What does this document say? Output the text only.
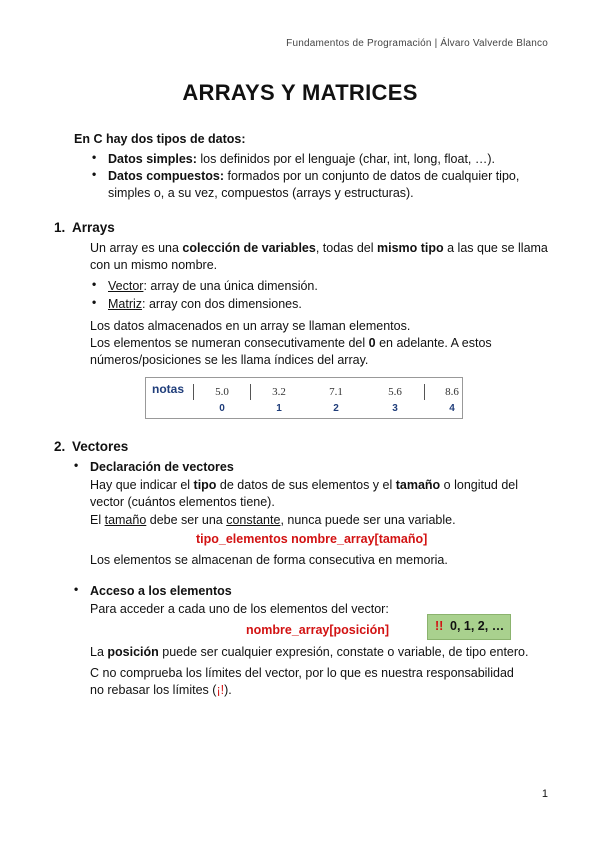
Fundamentos de Programación | Álvaro Valverde Blanco
ARRAYS Y MATRICES
En C hay dos tipos de datos:
• Datos simples: los definidos por el lenguaje (char, int, long, float, …).
• Datos compuestos: formados por un conjunto de datos de cualquier tipo,
simples o, a su vez, compuestos (arrays y estructuras).
1. Arrays
Un array es una colección de variables, todas del mismo tipo a las que se llama
con un mismo nombre.
• Vector: array de una única dimensión.
• Matriz: array con dos dimensiones.
Los datos almacenados en un array se llaman elementos.
Los elementos se numeran consecutivamente del 0 en adelante. A estos
números/posiciones se les llama índices del array.
notas	5.0	3.2	7.1	5.6	8.6
0	1	2	3	4
2. Vectores
• Declaración de vectores
Hay que indicar el tipo de datos de sus elementos y el tamaño o longitud del
vector (cuántos elementos tiene).
El tamaño debe ser una constante, nunca puede ser una variable.
tipo_elementos nombre_array[tamaño]
Los elementos se almacenan de forma consecutiva en memoria.
• Acceso a los elementos
Para acceder a cada uno de los elementos del vector:
nombre_array[posición]	!! 0, 1, 2, …
La posición puede ser cualquier expresión, constate o variable, de tipo entero.
C no comprueba los límites del vector, por lo que es nuestra responsabilidad
no rebasar los límites (¡!).
1
